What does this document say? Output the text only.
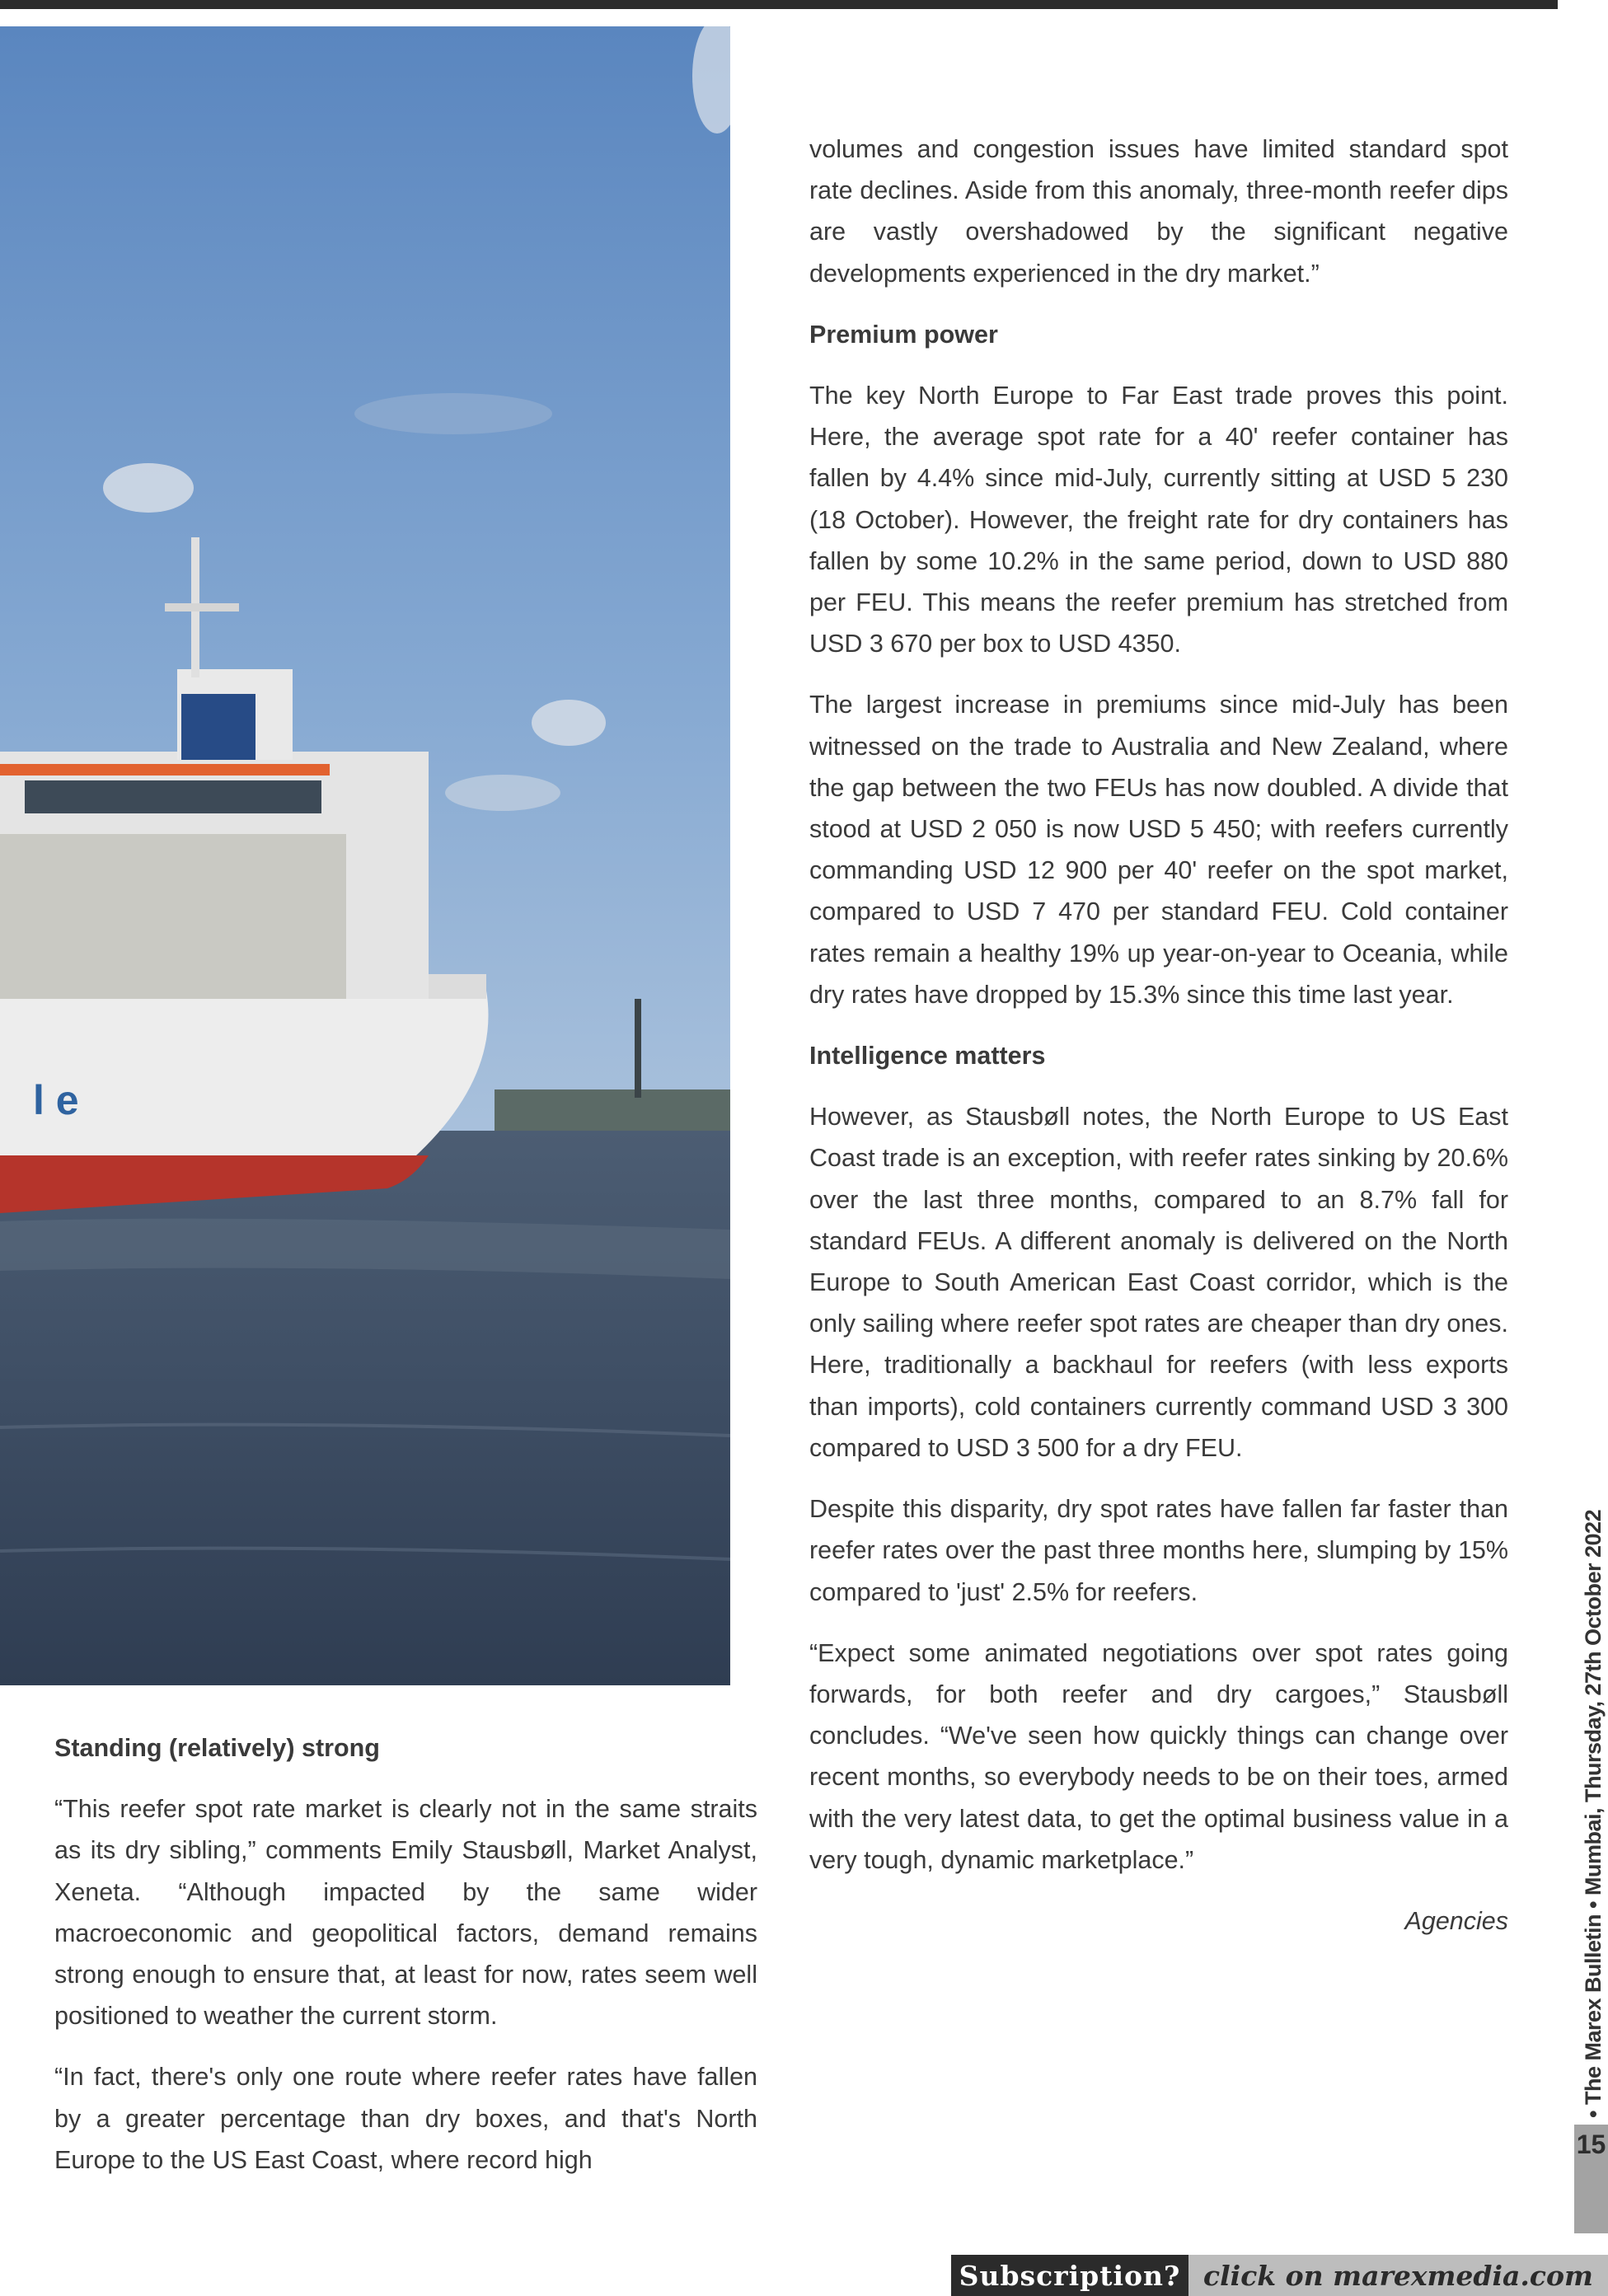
l e
Standing (relatively) strong

“This reefer spot rate market is clearly not in the same straits as its dry sibling,” comments Emily Stausbøll, Market Analyst, Xeneta. “Although impacted by the same wider macroeconomic and geopolitical factors, demand remains strong enough to ensure that, at least for now, rates seem well positioned to weather the current storm.

“In fact, there's only one route where reefer rates have fallen by a greater percentage than dry boxes, and that's North Europe to the US East Coast, where record high

volumes and congestion issues have limited standard spot rate declines. Aside from this anomaly, three-month reefer dips are vastly overshadowed by the significant negative developments experienced in the dry market.”

Premium power

The key North Europe to Far East trade proves this point. Here, the average spot rate for a 40' reefer container has fallen by 4.4% since mid-July, currently sitting at USD 5 230 (18 October). However, the freight rate for dry containers has fallen by some 10.2% in the same period, down to USD 880 per FEU. This means the reefer premium has stretched from USD 3 670 per box to USD 4350.

The largest increase in premiums since mid-July has been witnessed on the trade to Australia and New Zealand, where the gap between the two FEUs has now doubled. A divide that stood at USD 2 050 is now USD 5 450; with reefers currently commanding USD 12 900 per 40' reefer on the spot market, compared to USD 7 470 per standard FEU. Cold container rates remain a healthy 19% up year-on-year to Oceania, while dry rates have dropped by 15.3% since this time last year.

Intelligence matters

However, as Stausbøll notes, the North Europe to US East Coast trade is an exception, with reefer rates sinking by 20.6% over the last three months, compared to an 8.7% fall for standard FEUs. A different anomaly is delivered on the North Europe to South American East Coast corridor, which is the only sailing where reefer spot rates are cheaper than dry ones. Here, traditionally a backhaul for reefers (with less exports than imports), cold containers currently command USD 3 300 compared to USD 3 500 for a dry FEU.

Despite this disparity, dry spot rates have fallen far faster than reefer rates over the past three months here, slumping by 15% compared to 'just' 2.5% for reefers.

“Expect some animated negotiations over spot rates going forwards, for both reefer and dry cargoes,” Stausbøll concludes. “We've seen how quickly things can change over recent months, so everybody needs to be on their toes, armed with the very latest data, to get the optimal business value in a very tough, dynamic marketplace.”

Agencies	• The Marex Bulletin • Mumbai, Thursday, 27th October 2022
15
Subscription? click on marexmedia.com
